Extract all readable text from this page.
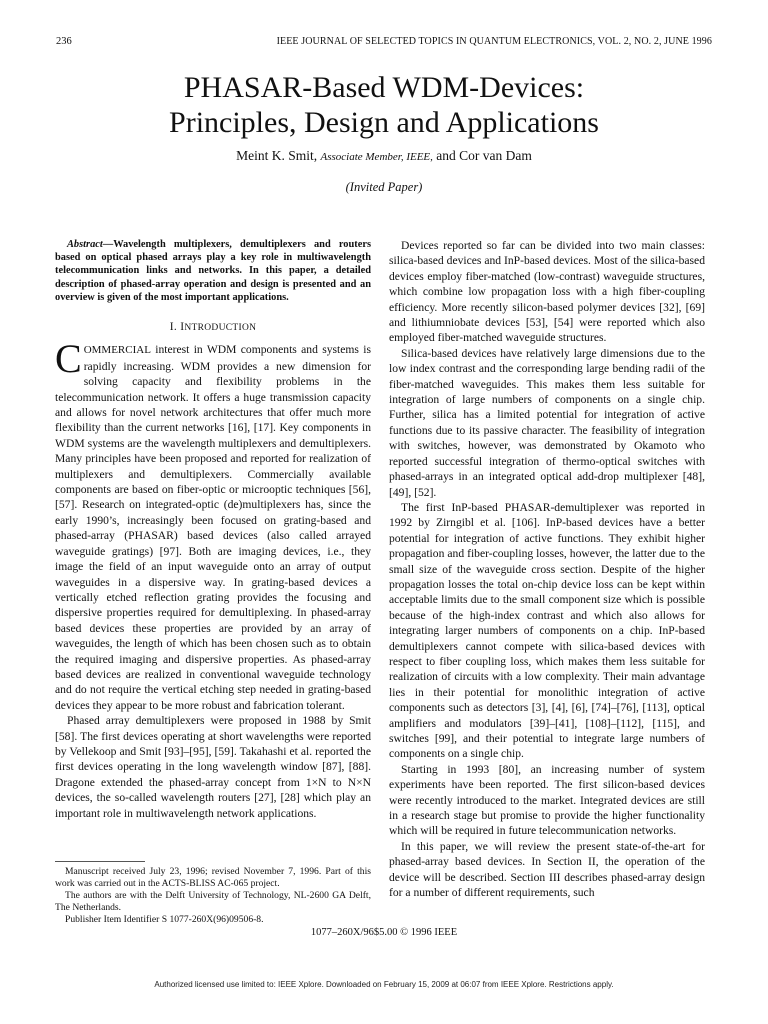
236	IEEE JOURNAL OF SELECTED TOPICS IN QUANTUM ELECTRONICS, VOL. 2, NO. 2, JUNE 1996
PHASAR-Based WDM-Devices:
Principles, Design and Applications
Meint K. Smit, Associate Member, IEEE, and Cor van Dam
(Invited Paper)

Abstract—Wavelength multiplexers, demultiplexers and routers based on optical phased arrays play a key role in multiwavelength telecommunication links and networks. In this paper, a detailed description of phased-array operation and design is presented and an overview is given of the most important applications.

I. INTRODUCTION

COMMERCIAL interest in WDM components and systems is rapidly increasing. WDM provides a new dimension for solving capacity and flexibility problems in the telecommunication network. It offers a huge transmission capacity and allows for novel network architectures that offer much more flexibility than the current networks [16], [17]. Key components in WDM systems are the wavelength multiplexers and demultiplexers. Many principles have been proposed and reported for realization of multiplexers and demultiplexers. Commercially available components are based on fiber-optic or microoptic techniques [56], [57]. Research on integrated-optic (de)multiplexers has, since the early 1990’s, increasingly been focused on grating-based and phased-array (PHASAR) based devices (also called arrayed waveguide gratings) [97]. Both are imaging devices, i.e., they image the field of an input waveguide onto an array of output waveguides in a dispersive way. In grating-based devices a vertically etched reflection grating provides the focusing and dispersive properties required for demultiplexing. In phased-array based devices these properties are provided by an array of waveguides, the length of which has been chosen such as to obtain the required imaging and dispersive properties. As phased-array based devices are realized in conventional waveguide technology and do not require the vertical etching step needed in grating-based devices they appear to be more robust and fabrication tolerant.

Phased array demultiplexers were proposed in 1988 by Smit [58]. The first devices operating at short wavelengths were reported by Vellekoop and Smit [93]–[95], [59]. Takahashi et al. reported the first devices operating in the long wavelength window [87], [88]. Dragone extended the phased-array concept from 1×N to N×N devices, the so-called wavelength routers [27], [28] which play an important role in multiwavelength network applications.

Devices reported so far can be divided into two main classes: silica-based devices and InP-based devices. Most of the silica-based devices employ fiber-matched (low-contrast) waveguide structures, which combine low propagation loss with a high fiber-coupling efficiency. More recently silicon-based polymer devices [32], [69] and lithiumniobate devices [53], [54] were reported which also employed fiber-matched waveguide structures.

Silica-based devices have relatively large dimensions due to the low index contrast and the corresponding large bending radii of the fiber-matched waveguides. This makes them less suitable for integration of large numbers of components on a single chip. Further, silica has a limited potential for integration of active functions due to its passive character. The feasibility of integration with switches, however, was demonstrated by Okamoto who reported successful integration of thermo-optical switches with phased-arrays in an integrated optical add-drop multiplexer [48], [49], [52].

The first InP-based PHASAR-demultiplexer was reported in 1992 by Zirngibl et al. [106]. InP-based devices have a better potential for integration of active functions. They exhibit higher propagation and fiber-coupling losses, however, the latter due to the small size of the waveguide cross section. Despite of the higher propagation losses the total on-chip device loss can be kept within acceptable limits due to the small component size which is possible because of the high-index contrast and which also allows for integrating larger numbers of components on a chip. InP-based demultiplexers cannot compete with silica-based devices with respect to fiber coupling loss, which makes them less suitable for realization of circuits with a low complexity. Their main advantage lies in their potential for monolithic integration of active components such as detectors [3], [4], [6], [74]–[76], [113], optical amplifiers and modulators [39]–[41], [108]–[112], [115], and switches [99], and their potential to integrate large numbers of components on a single chip.

Starting in 1993 [80], an increasing number of system experiments have been reported. The first silicon-based devices were recently introduced to the market. Integrated devices are still in a research stage but promise to provide the higher functionality which will be required in future telecommunication networks.

In this paper, we will review the present state-of-the-art for phased-array based devices. In Section II, the operation of the device will be described. Section III describes phased-array design for a number of different requirements, such

Manuscript received July 23, 1996; revised November 7, 1996. Part of this work was carried out in the ACTS-BLISS AC-065 project.

The authors are with the Delft University of Technology, NL-2600 GA Delft, The Netherlands.

Publisher Item Identifier S 1077-260X(96)09506-8.

1077–260X/96$5.00 © 1996 IEEE
Authorized licensed use limited to: IEEE Xplore. Downloaded on February 15, 2009 at 06:07 from IEEE Xplore. Restrictions apply.
